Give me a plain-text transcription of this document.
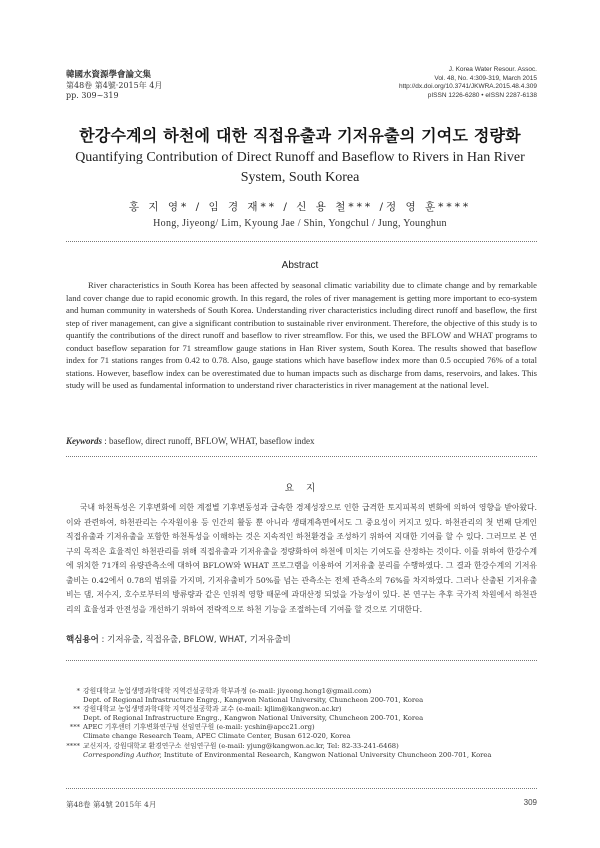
韓國水資源學會論文集
第48卷 第4號·2015年 4月
pp. 309~319
J. Korea Water Resour. Assoc.
Vol. 48, No. 4:309-319, March 2015
http://dx.doi.org/10.3741/JKWRA.2015.48.4.309
pISSN 1226-6280 • eISSN 2287-6138
한강수계의 하천에 대한 직접유출과 기저유출의 기여도 정량화
Quantifying Contribution of Direct Runoff and Baseflow to Rivers in Han River System, South Korea
홍 지 영* / 임 경 재** / 신 용 철*** /정 영 훈****
Hong, Jiyeong/ Lim, Kyoung Jae / Shin, Yongchul / Jung, Younghun
Abstract
River characteristics in South Korea has been affected by seasonal climatic variability due to climate change and by remarkable land cover change due to rapid economic growth. In this regard, the roles of river management is getting more important to eco-system and human community in watersheds of South Korea. Understanding river characteristics including direct runoff and baseflow, the first step of river management, can give a significant contribution to sustainable river environment. Therefore, the objective of this study is to quantify the contributions of the direct runoff and baseflow to river streamflow. For this, we used the BFLOW and WHAT programs to conduct baseflow separation for 71 streamflow gauge stations in Han River system, South Korea. The results showed that baseflow index for 71 stations ranges from 0.42 to 0.78. Also, gauge stations which have baseflow index more than 0.5 occupied 76% of a total stations. However, baseflow index can be overestimated due to human impacts such as discharge from dams, reservoirs, and lakes. This study will be used as fundamental information to understand river characteristics in river management at the national level.
Keywords : baseflow, direct runoff, BFLOW, WHAT, baseflow index
요    지
국내 하천특성은 기후변화에 의한 계절별 기후변동성과 급속한 경제성장으로 인한 급격한 토지피복의 변화에 의하여 영향을 받아왔다. 이와 관련하여, 하천관리는 수자원이용 등 인간의 활동 뿐 아니라 생태계측면에서도 그 중요성이 커지고 있다. 하천관리의 첫 번째 단계인 직접유출과 기저유출을 포함한 하천특성을 이해하는 것은 지속적인 하천환경을 조성하기 위하여 지대한 기여를 할 수 있다. 그러므로 본 연구의 목적은 효율적인 하천관리를 위해 직접유출과 기저유출을 정량화하여 하천에 미치는 기여도를 산정하는 것이다. 이를 위하여 한강수계에 위치한 71개의 유량관측소에 대하여 BFLOW와 WHAT 프로그램을 이용하여 기저유출 분리를 수행하였다. 그 결과 한강수계의 기저유출비는 0.42에서 0.78의 범위를 가지며, 기저유출비가 50%를 넘는 관측소는 전체 관측소의 76%를 차지하였다. 그러나 산출된 기저유출비는 댐, 저수지, 호수로부터의 방류량과 같은 인위적 영향 때문에 과대산정 되었을 가능성이 있다. 본 연구는 추후 국가적 차원에서 하천관리의 효율성과 안전성을 개선하기 위하여 전략적으로 하천 기능을 조절하는데 기여를 할 것으로 기대한다.
핵심용어 : 기저유출, 직접유출, BFLOW, WHAT, 기저유출비
* 강원대학교 농업생명과학대학 지역건설공학과 학부과정 (e-mail: jiyeong.hong1@gmail.com)
Dept. of Regional Infrastructure Engrg., Kangwon National University, Chuncheon 200-701, Korea
** 강원대학교 농업생명과학대학 지역건설공학과 교수 (e-mail: kjlim@kangwon.ac.kr)
Dept. of Regional Infrastructure Engrg., Kangwon National University, Chuncheon 200-701, Korea
*** APEC 기후센터 기후변화연구팀 선임연구원 (e-mail: ycshin@apcc21.org)
Climate change Research Team, APEC Climate Center, Busan 612-020, Korea
**** 교신저자, 강원대학교 환경연구소 선임연구원 (e-mail: yjung@kangwon.ac.kr, Tel: 82-33-241-6468)
Corresponding Author, Institute of Environmental Research, Kangwon National University Chuncheon 200-701, Korea
第48卷 第4號 2015年 4月	309
